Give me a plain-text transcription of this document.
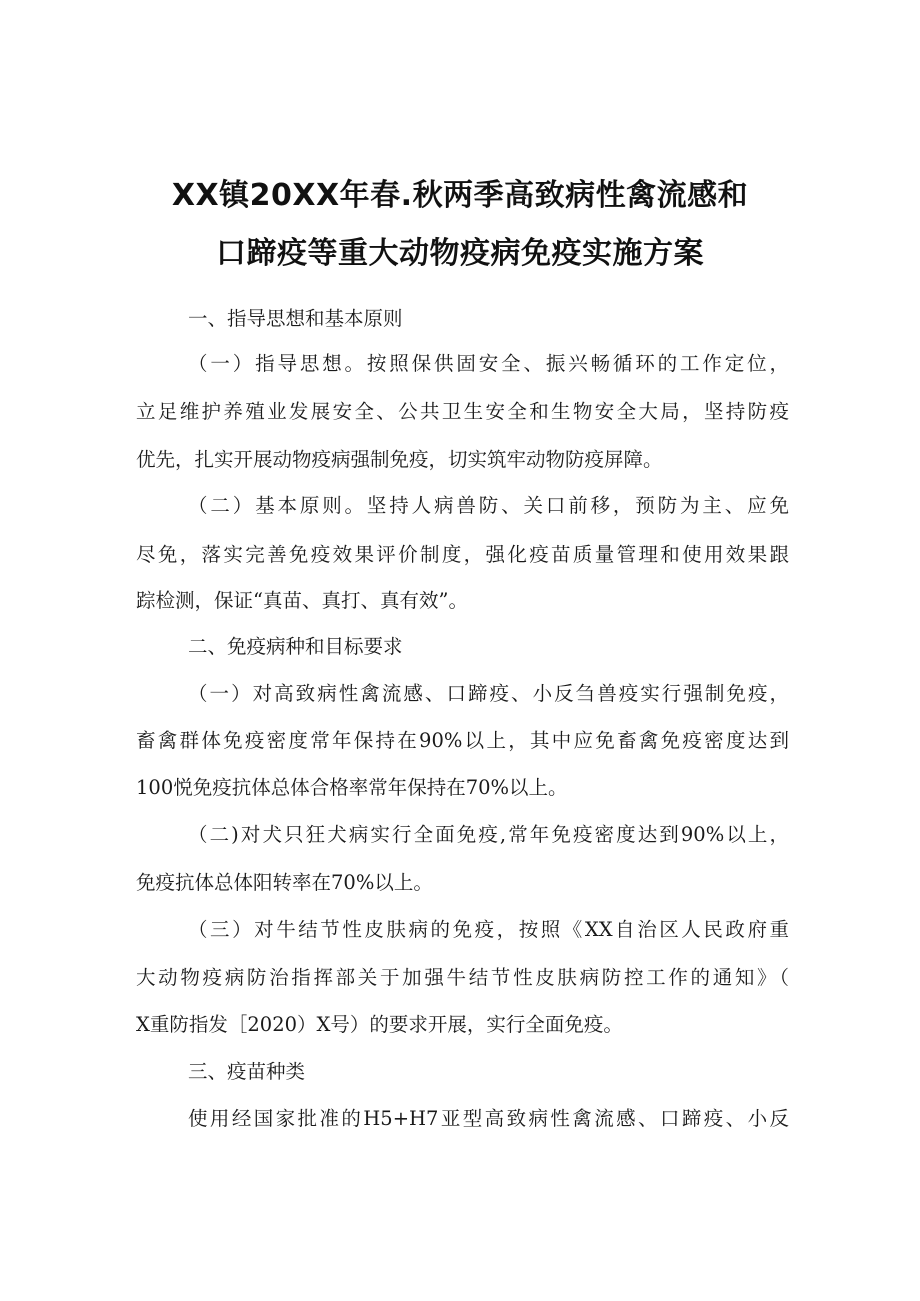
XX镇20XX年春.秋两季高致病性禽流感和
口蹄疫等重大动物疫病免疫实施方案
一、指导思想和基本原则
（一）指导思想。按照保供固安全、振兴畅循环的工作定位，
立足维护养殖业发展安全、公共卫生安全和生物安全大局，坚持防疫
优先，扎实开展动物疫病强制免疫，切实筑牢动物防疫屏障。
（二）基本原则。坚持人病兽防、关口前移，预防为主、应免
尽免，落实完善免疫效果评价制度，强化疫苗质量管理和使用效果跟
踪检测，保证“真苗、真打、真有效”。
二、免疫病种和目标要求
（一）对高致病性禽流感、口蹄疫、小反刍兽疫实行强制免疫，
畜禽群体免疫密度常年保持在90%以上，其中应免畜禽免疫密度达到
100悦免疫抗体总体合格率常年保持在70%以上。
（二)对犬只狂犬病实行全面免疫,常年免疫密度达到90%以上，
免疫抗体总体阳转率在70%以上。
（三）对牛结节性皮肤病的免疫，按照《XX自治区人民政府重
大动物疫病防治指挥部关于加强牛结节性皮肤病防控工作的通知》（
X重防指发［2020）X号）的要求开展，实行全面免疫。
三、疫苗种类
使用经国家批准的H5+H7亚型高致病性禽流感、口蹄疫、小反
